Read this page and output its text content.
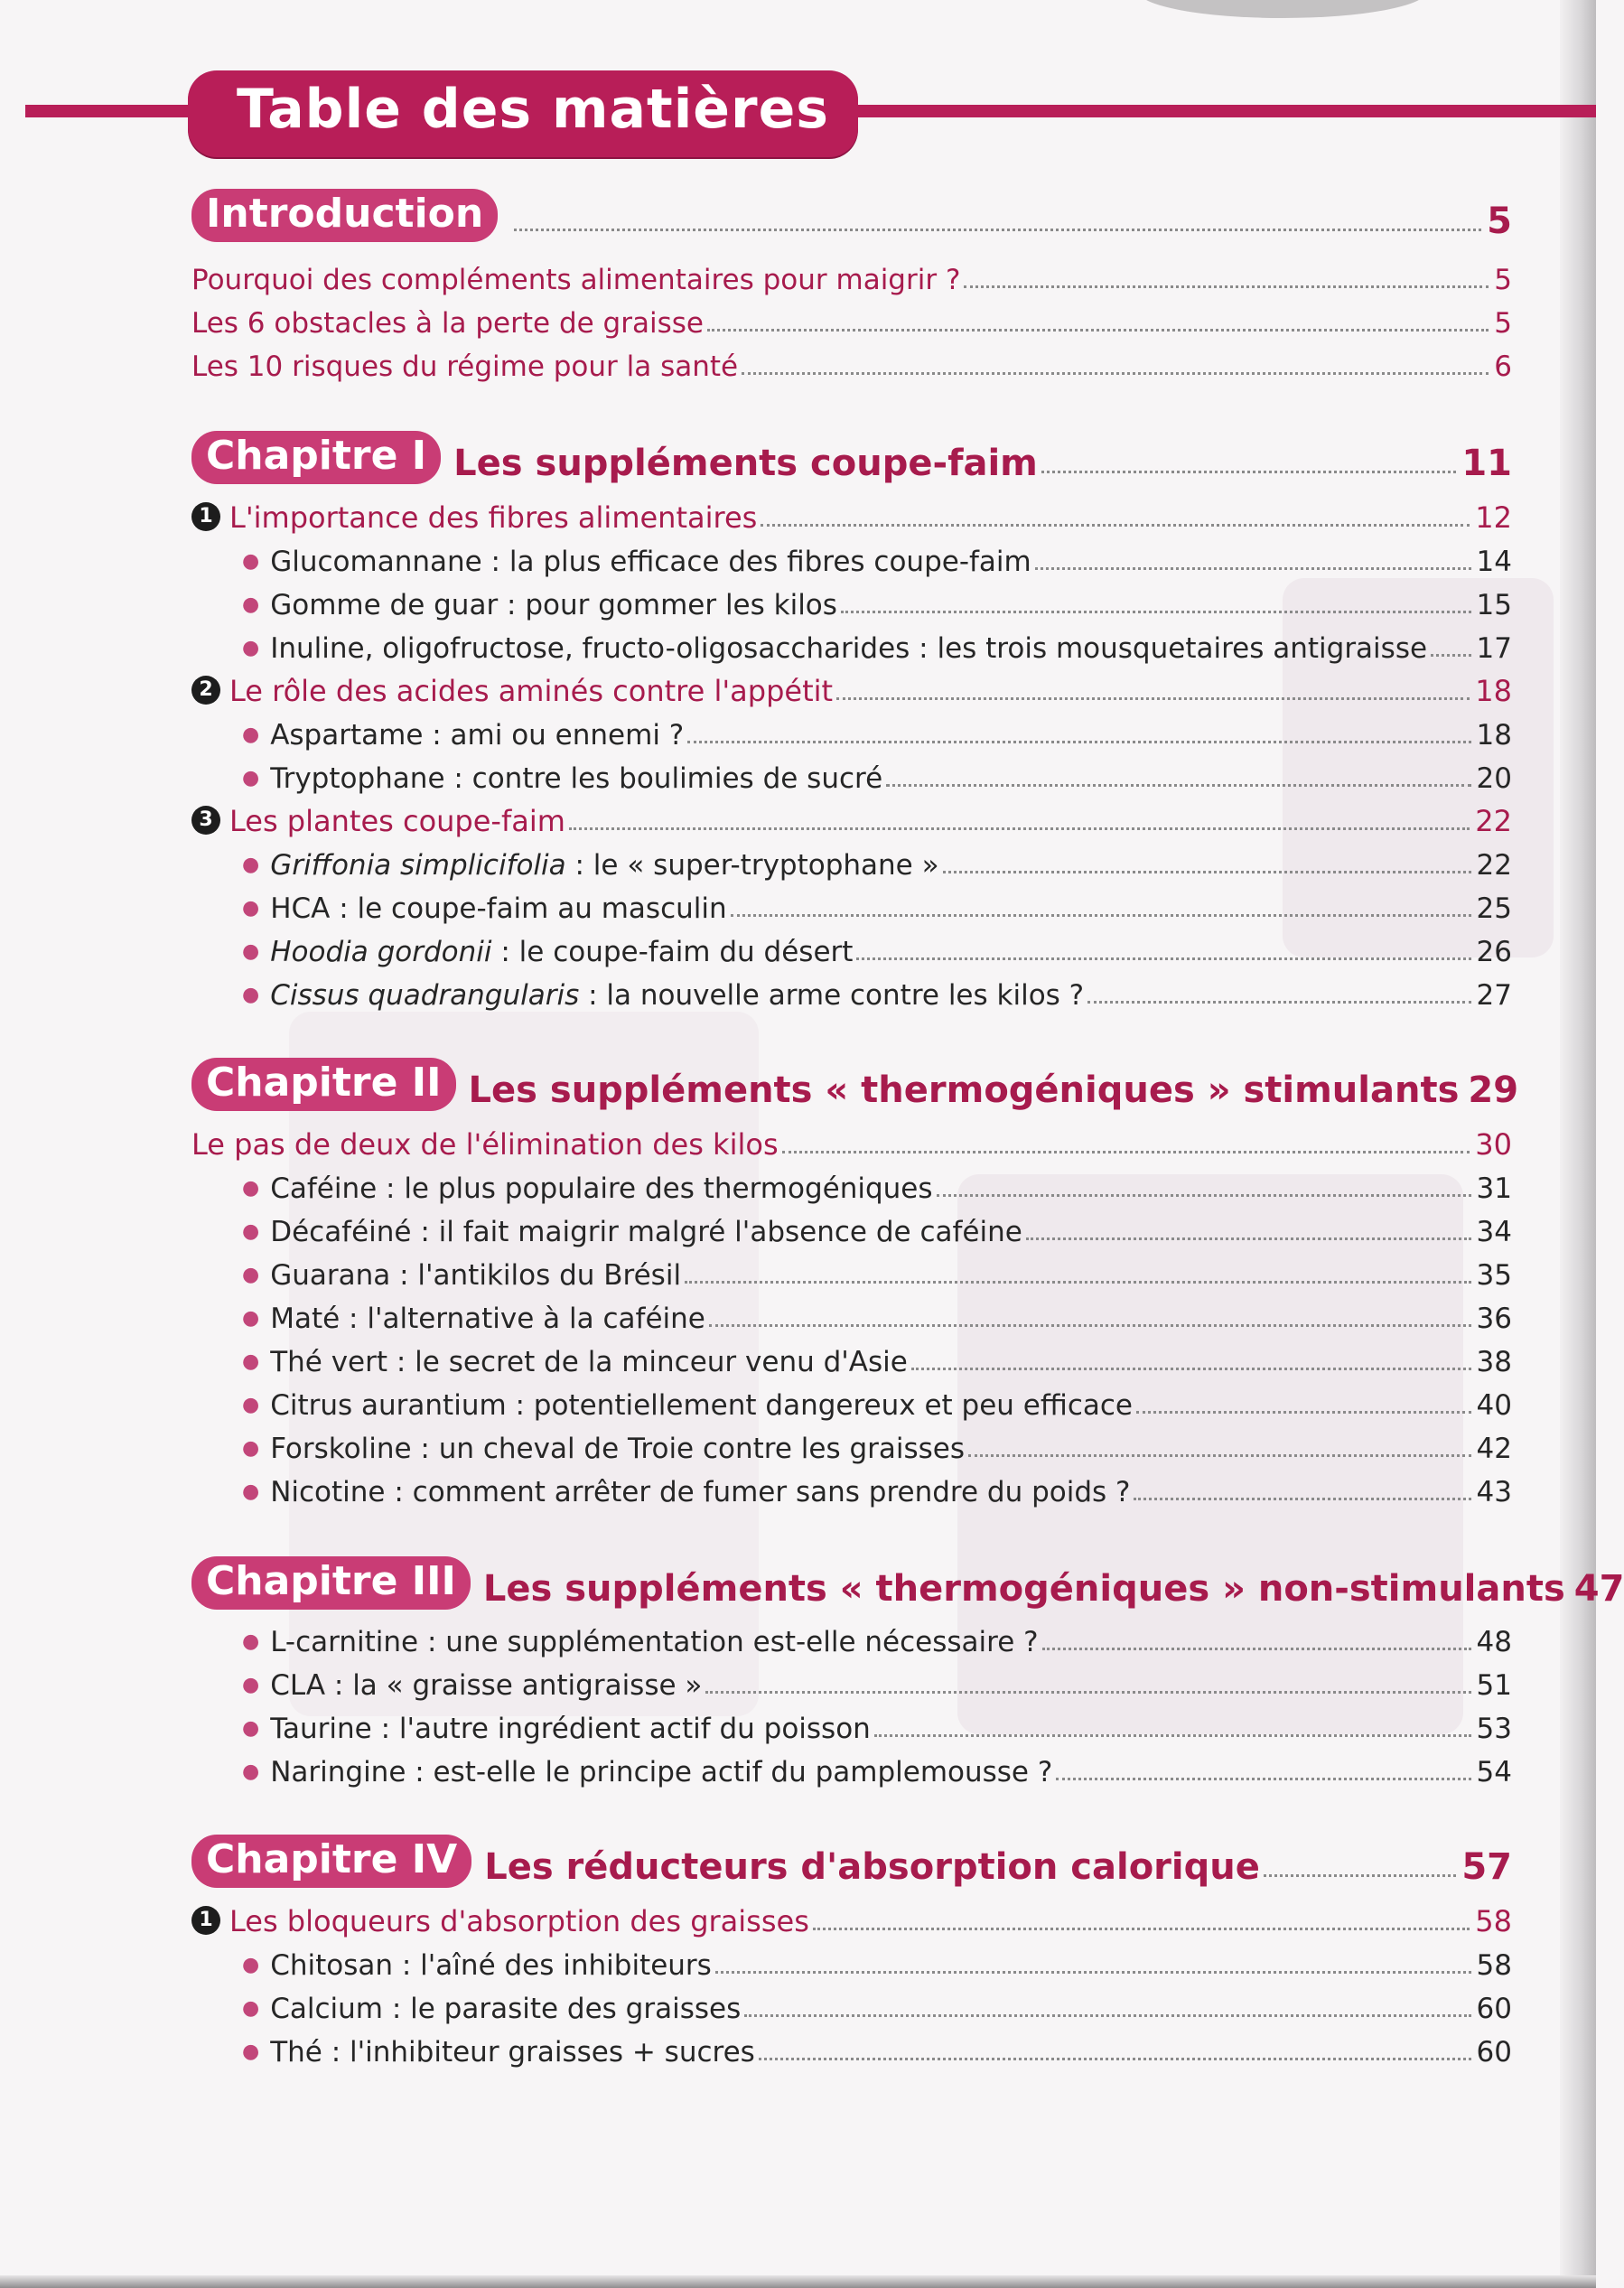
Table des matières
Introduction	5
Pourquoi des compléments alimentaires pour maigrir ?	5
Les 6 obstacles à la perte de graisse	5
Les 10 risques du régime pour la santé	6
Chapitre I Les suppléments coupe-faim	11
1 L'importance des fibres alimentaires	12
● Glucomannane : la plus efficace des fibres coupe-faim	14
● Gomme de guar : pour gommer les kilos	15
● Inuline, oligofructose, fructo-oligosaccharides : les trois mousquetaires antigraisse 17
2 Le rôle des acides aminés contre l'appétit	18
● Aspartame : ami ou ennemi ?	18
● Tryptophane : contre les boulimies de sucré	20
3 Les plantes coupe-faim	22
● Griffonia simplicifolia : le « super-tryptophane »	22
● HCA : le coupe-faim au masculin	25
● Hoodia gordonii : le coupe-faim du désert	26
● Cissus quadrangularis : la nouvelle arme contre les kilos ?	27
Chapitre II Les suppléments « thermogéniques » stimulants 29
Le pas de deux de l'élimination des kilos	30
● Caféine : le plus populaire des thermogéniques	31
● Décaféiné : il fait maigrir malgré l'absence de caféine	34
● Guarana : l'antikilos du Brésil	35
● Maté : l'alternative à la caféine	36
● Thé vert : le secret de la minceur venu d'Asie	38
● Citrus aurantium : potentiellement dangereux et peu efficace	40
● Forskoline : un cheval de Troie contre les graisses	42
● Nicotine : comment arrêter de fumer sans prendre du poids ?	43
Chapitre III Les suppléments « thermogéniques » non-stimulants 47
● L-carnitine : une supplémentation est-elle nécessaire ?	48
● CLA : la « graisse antigraisse »	51
● Taurine : l'autre ingrédient actif du poisson	53
● Naringine : est-elle le principe actif du pamplemousse ?	54
Chapitre IV Les réducteurs d'absorption calorique	57
1 Les bloqueurs d'absorption des graisses	58
● Chitosan : l'aîné des inhibiteurs	58
● Calcium : le parasite des graisses	60
● Thé : l'inhibiteur graisses + sucres	60
